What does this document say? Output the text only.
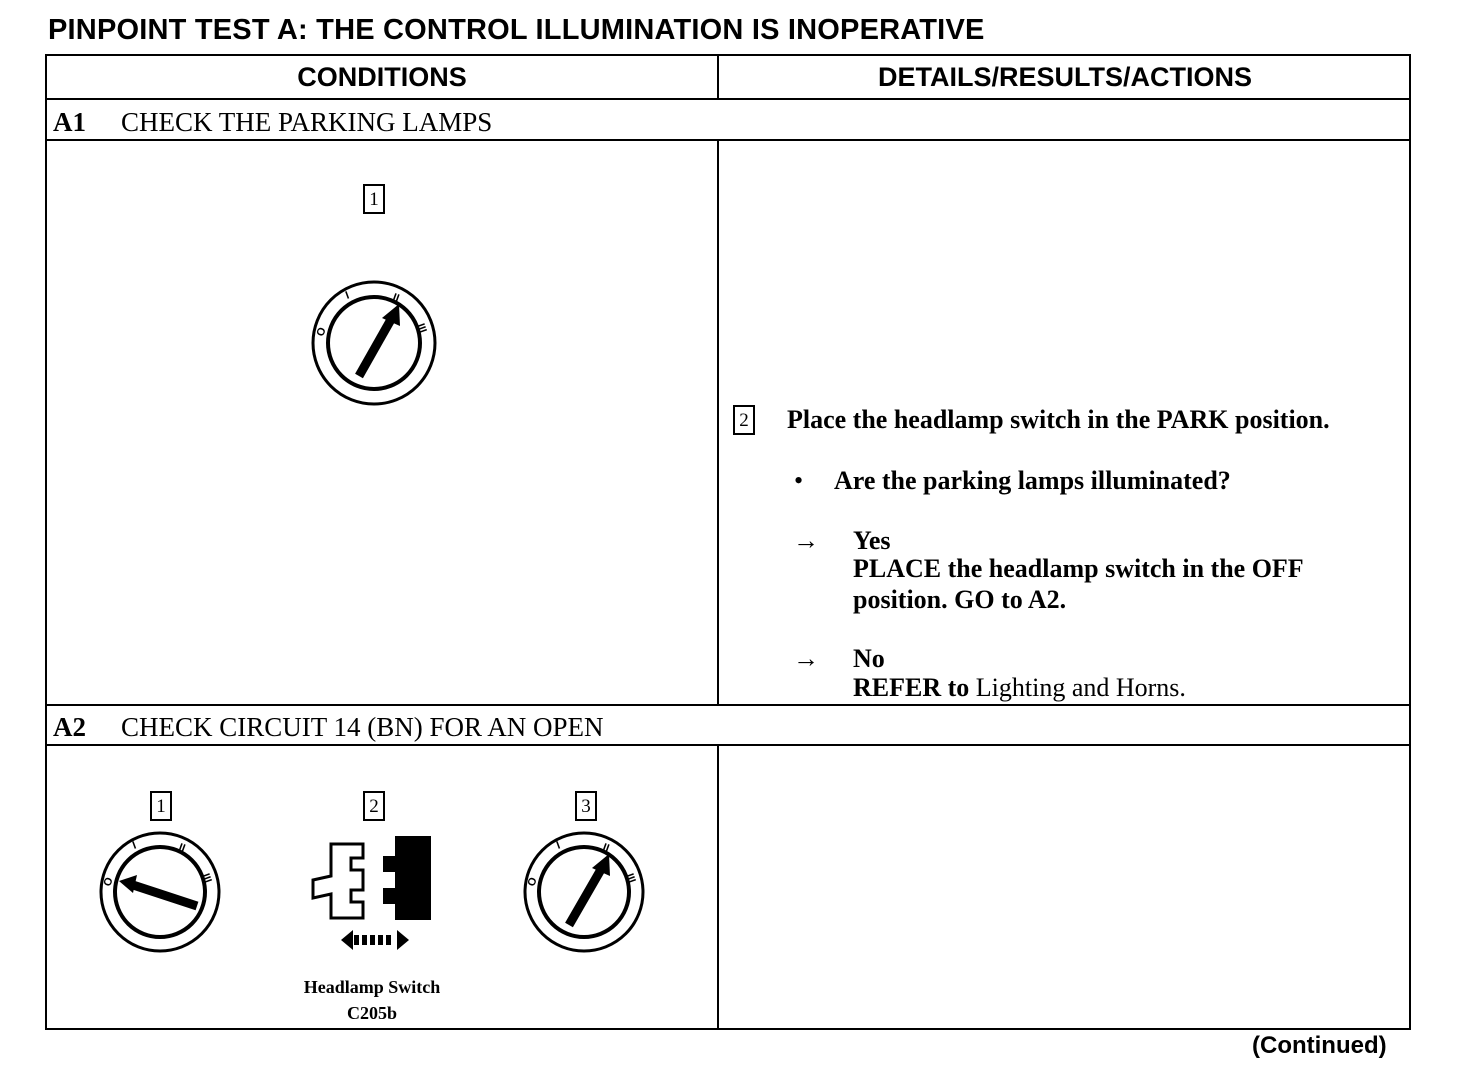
PINPOINT TEST A: THE CONTROL ILLUMINATION IS INOPERATIVE
CONDITIONS	DETAILS/RESULTS/ACTIONS
A1 CHECK THE PARKING LAMPS
1
O
I	II
III
2 Place the headlamp switch in the PARK position.
• Are the parking lamps illuminated?
→ Yes
PLACE the headlamp switch in the OFF
position. GO to A2.
→ No
REFER to Lighting and Horns.
A2 CHECK CIRCUIT 14 (BN) FOR AN OPEN
1
O
I	II
III
2
Headlamp Switch
C205b
3
O
I	II
III
(Continued)
